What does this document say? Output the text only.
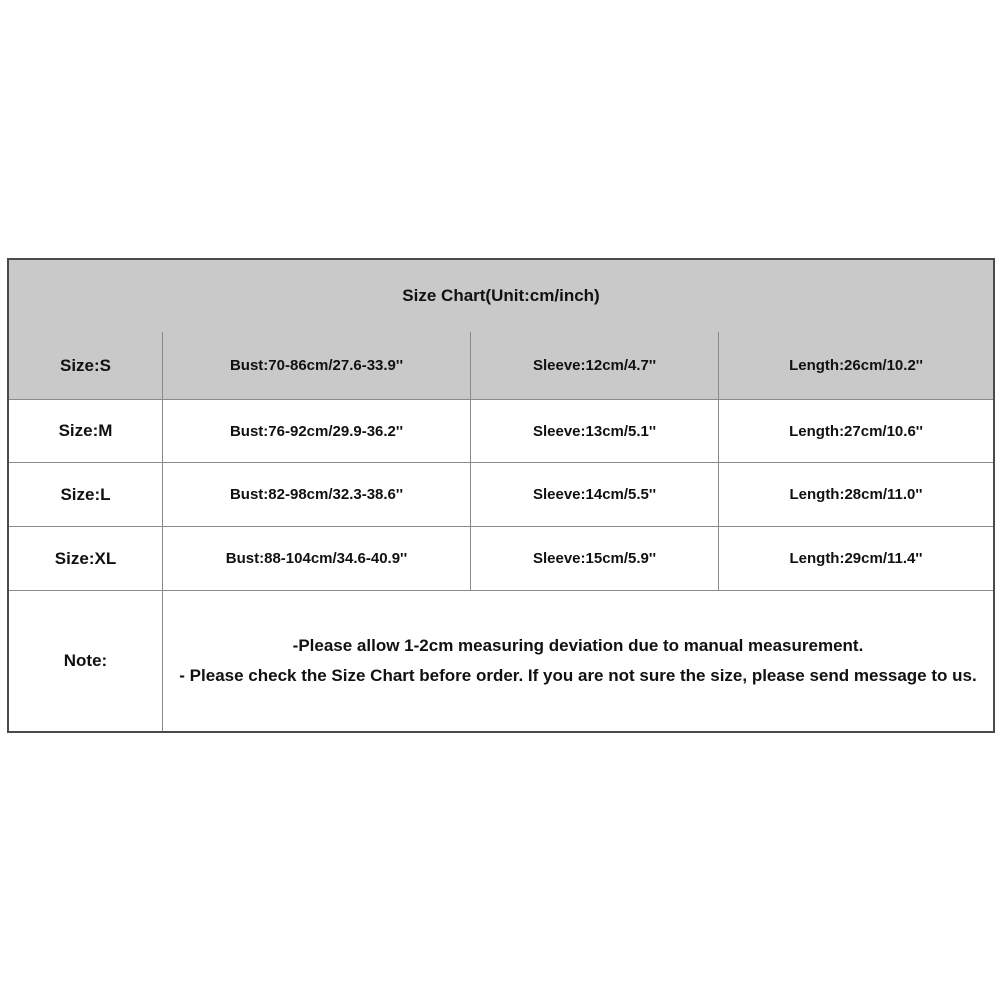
Size Chart(Unit:cm/inch)
Size:S	Bust:70-86cm/27.6-33.9''	Sleeve:12cm/4.7''	Length:26cm/10.2''
Size:M	Bust:76-92cm/29.9-36.2''	Sleeve:13cm/5.1''	Length:27cm/10.6''
Size:L	Bust:82-98cm/32.3-38.6''	Sleeve:14cm/5.5''	Length:28cm/11.0''
Size:XL	Bust:88-104cm/34.6-40.9''	Sleeve:15cm/5.9''	Length:29cm/11.4''
Note:
-Please allow 1-2cm measuring deviation due to manual measurement.
- Please check the Size Chart before order. If you are not sure the size, please send message to us.
